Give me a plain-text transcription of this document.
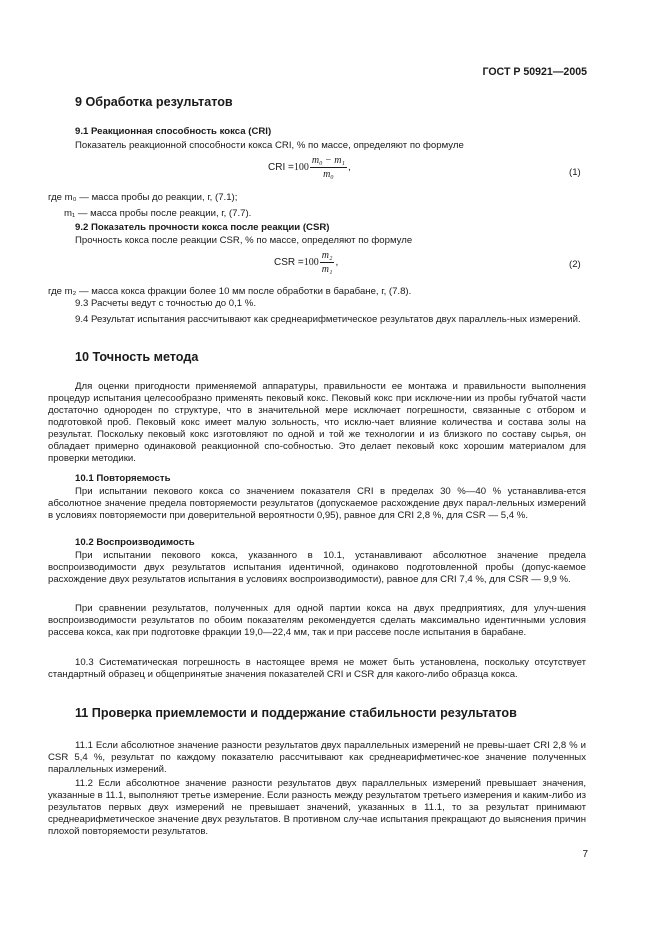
ГОСТ Р 50921—2005
9 Обработка результатов
9.1 Реакционная способность кокса (CRI)
Показатель реакционной способности кокса CRI, % по массе, определяют по формуле
CRI = $100 \frac{\text{m₀ − m₁}}{\text{m₀}}$ ,	(1)
где m₀ — масса пробы до реакции, г, (7.1);
m₁ — масса пробы после реакции, г, (7.7).
9.2 Показатель прочности кокса после реакции (CSR)
Прочность кокса после реакции CSR, % по массе, определяют по формуле
CSR = $100 \frac{\text{m₂}}{\text{m₁}}$ ,	(2)
где m₂ — масса кокса фракции более 10 мм после обработки в барабане, г, (7.8).
9.3 Расчеты ведут с точностью до 0,1 %.
9.4 Результат испытания рассчитывают как среднеарифметическое результатов двух параллель-ных измерений.
10 Точность метода
Для оценки пригодности применяемой аппаратуры, правильности ее монтажа и правильности выполнения процедур испытания целесообразно применять пековый кокс. Пековый кокс при исключе-нии из пробы губчатой части достаточно однороден по структуре, что в значительной мере исключает погрешности, связанные с отбором и подготовкой проб. Пековый кокс имеет малую зольность, что исклю-чает влияние количества и состава золы на результат. Поскольку пековый кокс изготовляют по одной и той же технологии и из близкого по составу сырья, он обладает примерно одинаковой реакционной спо-собностью. Это делает пековый кокс хорошим материалом для проверки методики.
10.1 Повторяемость
При испытании пекового кокса со значением показателя CRI в пределах 30 %—40 % устанавлива-ется абсолютное значение предела повторяемости результатов (допускаемое расхождение двух парал-лельных измерений в условиях повторяемости при доверительной вероятности 0,95), равное для CRI 2,8 %, для CSR — 5,4 %.
10.2 Воспроизводимость
При испытании пекового кокса, указанного в 10.1, устанавливают абсолютное значение предела воспроизводимости двух результатов испытания идентичной, одинаково подготовленной пробы (допус-каемое расхождение двух результатов испытания в условиях воспроизводимости), равное для CRI 7,4 %, для CSR — 9,9 %.
При сравнении результатов, полученных для одной партии кокса на двух предприятиях, для улуч-шения воспроизводимости результатов по обоим показателям рекомендуется сделать максимально идентичными условия рассева кокса, как при подготовке фракции 19,0—22,4 мм, так и при рассеве после испытания в барабане.
10.3 Систематическая погрешность в настоящее время не может быть установлена, поскольку отсутствует стандартный образец и общепринятые значения показателей CRI и CSR для какого-либо образца кокса.
11 Проверка приемлемости и поддержание стабильности результатов
11.1 Если абсолютное значение разности результатов двух параллельных измерений не превы-шает CRI 2,8 % и CSR 5,4 %, результат по каждому показателю рассчитывают как среднеарифметичес-кое значение полученных параллельных измерений.
11.2 Если абсолютное значение разности результатов двух параллельных измерений превышает значения, указанные в 11.1, выполняют третье измерение. Если разность между результатом третьего измерения и каким-либо из результатов первых двух измерений не превышает значений, указанных в 11.1, то за результат принимают среднеарифметическое значение двух результатов. В противном слу-чае испытания прекращают до выяснения причин плохой повторяемости результатов.
7
